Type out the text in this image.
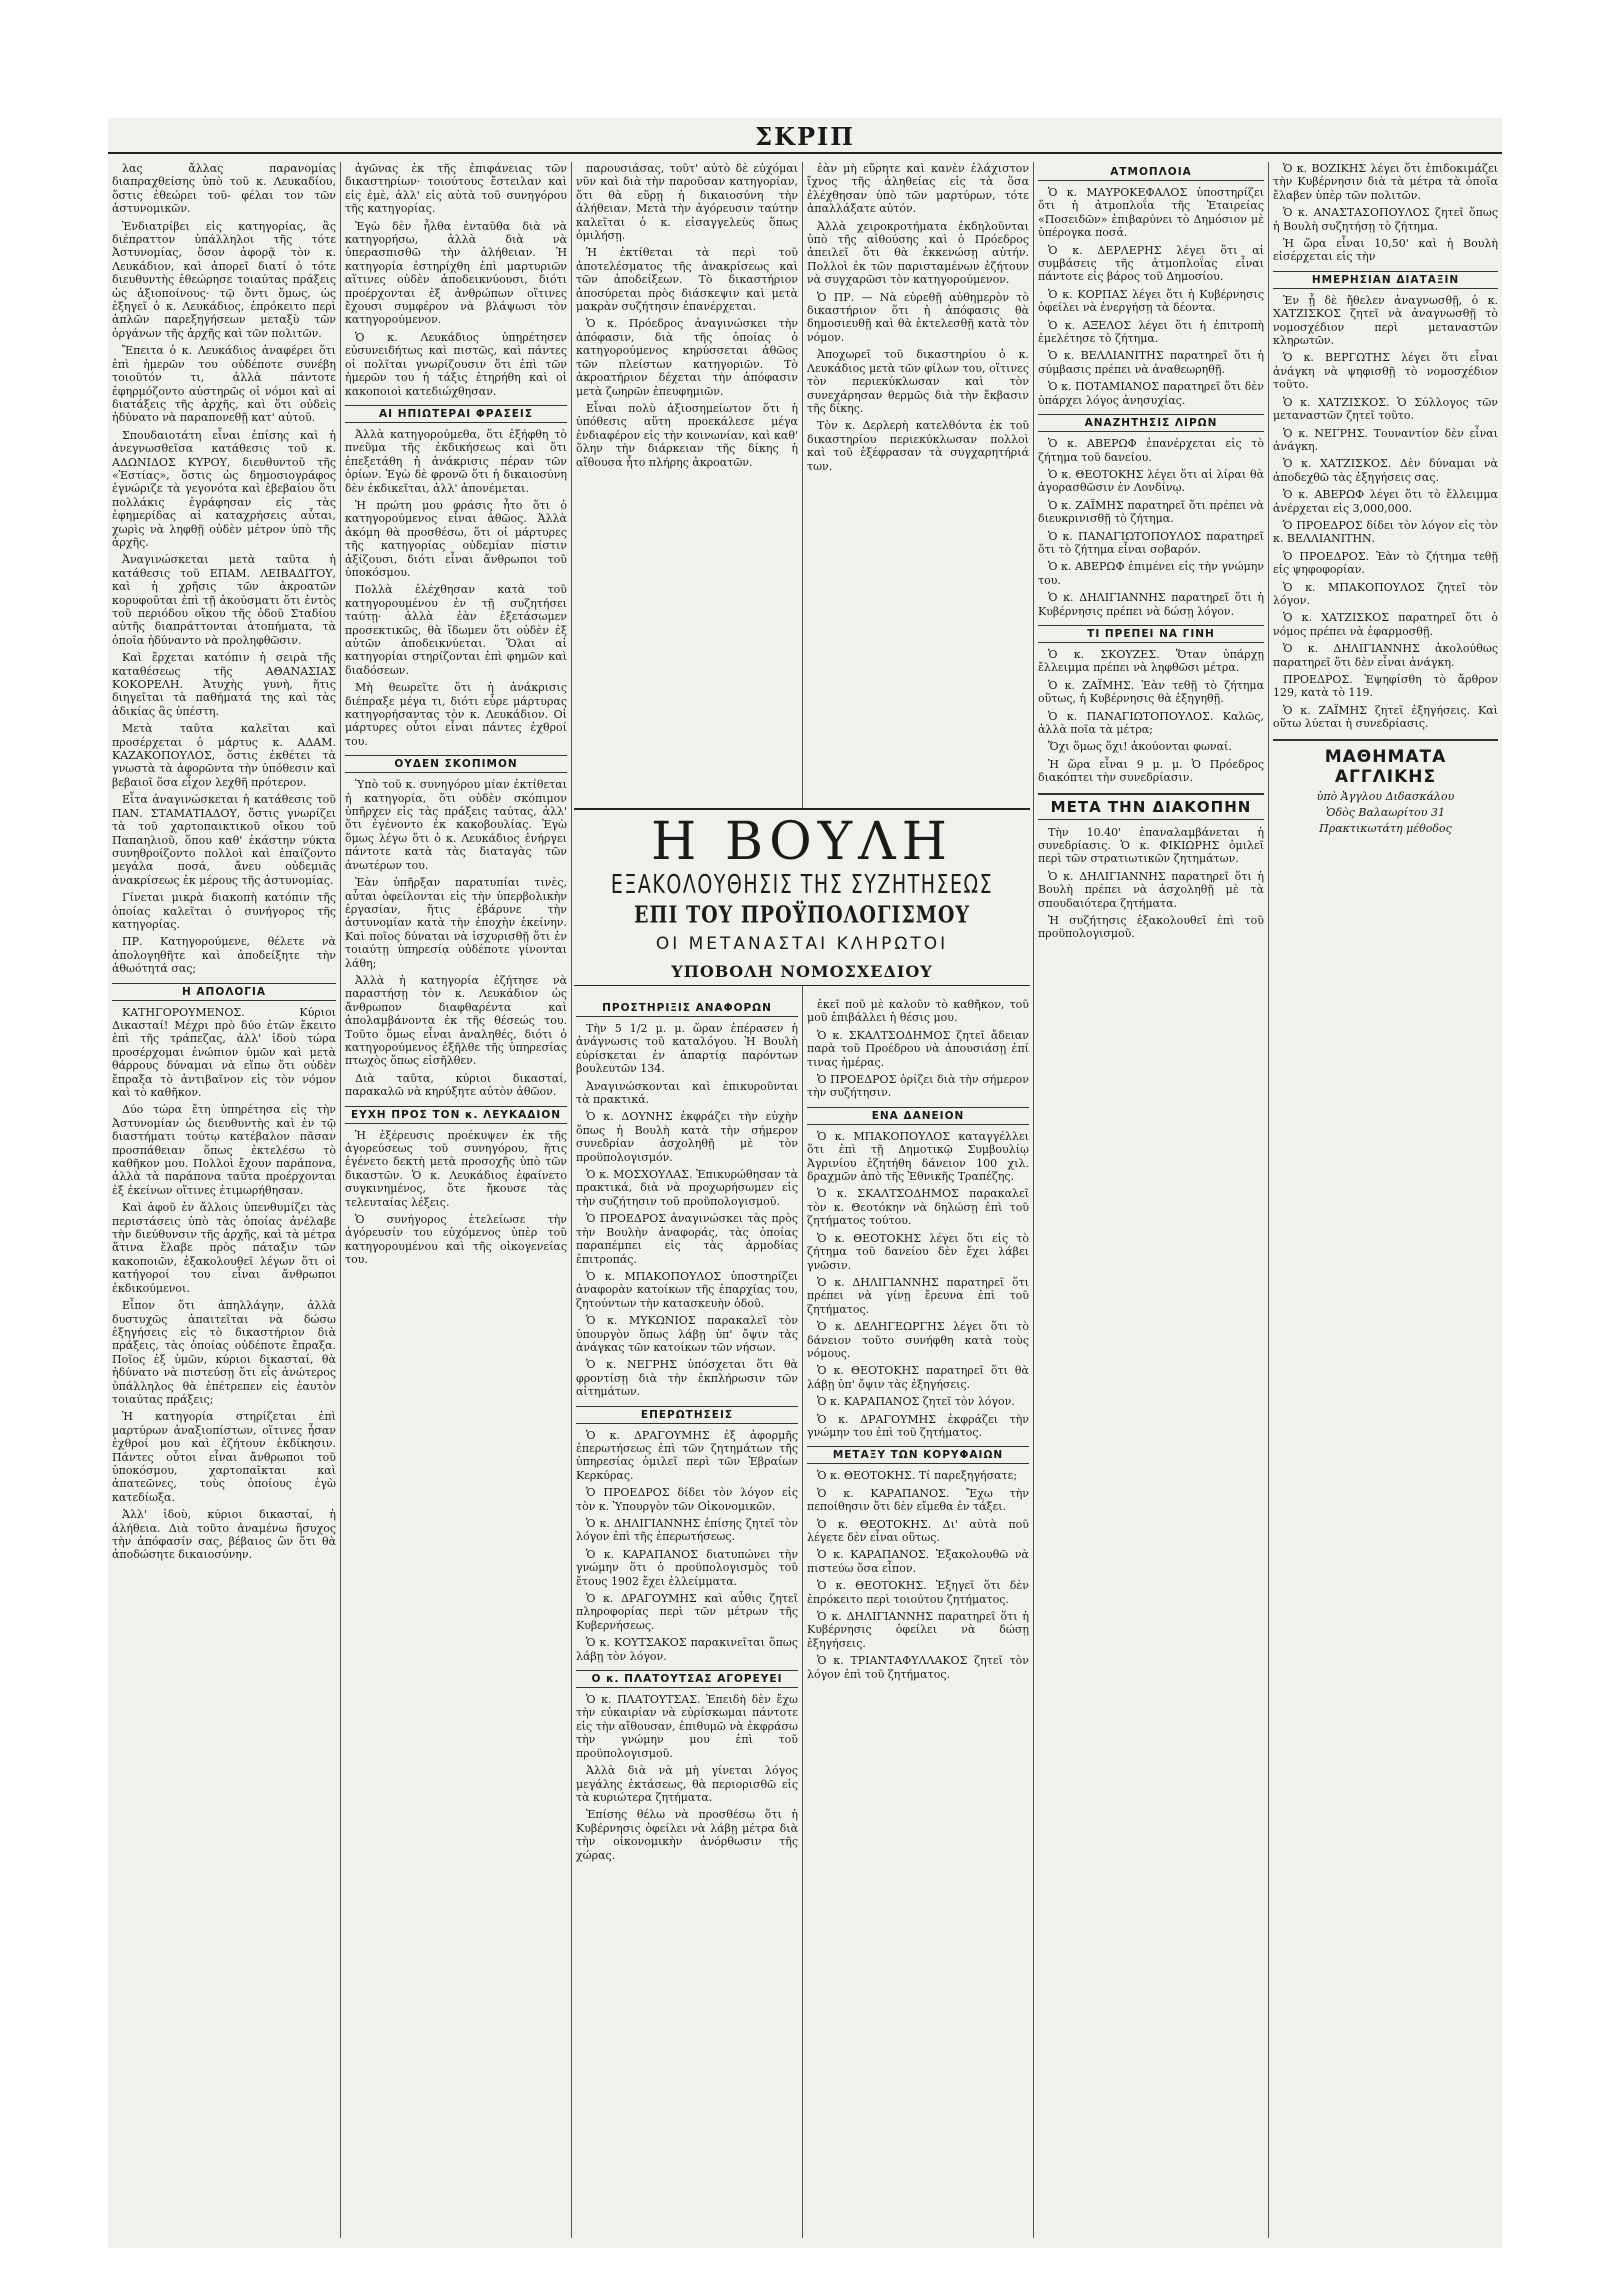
ΣΚΡΙΠ

λας ἄλλας παρανομίας διαπραχθείσης ὑπὸ τοῦ κ. Λευκαδίου, ὅστις ἐθεώρει τοῦ- φέλαι τον τῶν ἀστυνομικῶν.

Ἐνδιατρίβει εἰς κατηγορίας, ἃς διέπραττον ὑπάλληλοι τῆς τότε Ἀστυνομίας, ὅσον ἀφορᾷ τὸν κ. Λευκάδιον, καὶ ἀπορεῖ διατί ὁ τότε διευθυντὴς ἐθεώρησε τοιαύτας πράξεις ὡς ἀξιοποίνους· τῷ ὄντι ὅμως, ὡς ἐξηγεῖ ὁ κ. Λευκάδιος, ἐπρόκειτο περὶ ἁπλῶν παρεξηγήσεων μεταξὺ τῶν ὀργάνων τῆς ἀρχῆς καὶ τῶν πολιτῶν.

Ἔπειτα ὁ κ. Λευκάδιος ἀναφέρει ὅτι ἐπὶ ἡμερῶν του οὐδέποτε συνέβη τοιοῦτόν τι, ἀλλὰ πάντοτε ἐφηρμόζοντο αὐστηρῶς οἱ νόμοι καὶ αἱ διατάξεις τῆς ἀρχῆς, καὶ ὅτι οὐδεὶς ἠδύνατο νὰ παραπονεθῇ κατ' αὐτοῦ.

Σπουδαιοτάτη εἶναι ἐπίσης καὶ ἡ ἀνεγνωσθεῖσα κατάθεσις τοῦ κ. ΑΔΩΝΙΔΟΣ ΚΥΡΟΥ, διευθυντοῦ τῆς «Ἑστίας», ὅστις ὡς δημοσιογράφος ἐγνώριζε τὰ γεγονότα καὶ ἐβεβαίου ὅτι πολλάκις ἐγράφησαν εἰς τὰς ἐφημερίδας αἱ καταχρήσεις αὗται, χωρὶς νὰ ληφθῇ οὐδὲν μέτρον ὑπὸ τῆς ἀρχῆς.

Ἀναγινώσκεται μετὰ ταῦτα ἡ κατάθεσις τοῦ ΕΠΑΜ. ΛΕΙΒΑΔΙΤΟΥ, καὶ ἡ χρῆσις τῶν ἀκροατῶν κορυφοῦται ἐπὶ τῇ ἀκούσματι ὅτι ἐντὸς τοῦ περιόδου οἴκου τῆς ὁδοῦ Σταδίου αὐτῆς διαπράττονται ἀτοπήματα, τὰ ὁποῖα ἠδύναντο νὰ προληφθῶσιν.

Καὶ ἔρχεται κατόπιν ἡ σειρὰ τῆς καταθέσεως τῆς ΑΘΑΝΑΣΙΑΣ ΚΟΚΟΡΕΛΗ. Ἀτυχὴς γυνὴ, ἥτις διηγεῖται τὰ παθήματά της καὶ τὰς ἀδικίας ἃς ὑπέστη.

Μετὰ ταῦτα καλεῖται καὶ προσέρχεται ὁ μάρτυς κ. ΑΔΑΜ. ΚΑΖΑΚΟΠΟΥΛΟΣ, ὅστις ἐκθέτει τὰ γνωστὰ τὰ ἀφορῶντα τὴν ὑπόθεσιν καὶ βεβαιοῖ ὅσα εἶχον λεχθῆ πρότερον.

Εἶτα ἀναγινώσκεται ἡ κατάθεσις τοῦ ΠΑΝ. ΣΤΑΜΑΤΙΑΔΟΥ, ὅστις γνωρίζει τὰ τοῦ χαρτοπαικτικοῦ οἴκου τοῦ Παπαηλιοῦ, ὅπου καθ' ἑκάστην νύκτα συνηθροίζοντο πολλοὶ καὶ ἐπαίζοντο μεγάλα ποσά, ἄνευ οὐδεμιᾶς ἀνακρίσεως ἐκ μέρους τῆς ἀστυνομίας.

Γίνεται μικρὰ διακοπὴ κατόπιν τῆς ὁποίας καλεῖται ὁ συνήγορος τῆς κατηγορίας.

ΠΡ. Κατηγορούμενε, θέλετε νὰ ἀπολογηθῆτε καὶ ἀποδείξητε τὴν ἀθωότητά σας;

Η ΑΠΟΛΟΓΙΑ

ΚΑΤΗΓΟΡΟΥΜΕΝΟΣ. Κύριοι Δικασταί! Μέχρι πρὸ δύο ἐτῶν ἔκειτο ἐπὶ τῆς τράπεζας, ἀλλ' ἰδοὺ τώρα προσέρχομαι ἐνώπιον ὑμῶν καὶ μετὰ θάρρους δύναμαι νὰ εἴπω ὅτι οὐδὲν ἔπραξα τὸ ἀντιβαῖνον εἰς τὸν νόμον καὶ τὸ καθῆκον.

Δύο τώρα ἔτη ὑπηρέτησα εἰς τὴν Ἀστυνομίαν ὡς διευθυντὴς καὶ ἐν τῷ διαστήματι τούτῳ κατέβαλον πᾶσαν προσπάθειαν ὅπως ἐκτελέσω τὸ καθῆκον μου. Πολλοὶ ἔχουν παράπονα, ἀλλὰ τὰ παράπονα ταῦτα προέρχονται ἐξ ἐκείνων οἵτινες ἐτιμωρήθησαν.

Καὶ ἀφοῦ ἐν ἄλλοις ὑπενθυμίζει τὰς περιστάσεις ὑπὸ τὰς ὁποίας ἀνέλαβε τὴν διεύθυνσιν τῆς ἀρχῆς, καὶ τὰ μέτρα ἅτινα ἔλαβε πρὸς πάταξιν τῶν κακοποιῶν, ἐξακολουθεῖ λέγων ὅτι οἱ κατήγοροί του εἶναι ἄνθρωποι ἐκδικούμενοι.

Εἶπον ὅτι ἀπηλλάγην, ἀλλὰ δυστυχῶς ἀπαιτεῖται νὰ δώσω ἐξηγήσεις εἰς τὸ δικαστήριον διὰ πράξεις, τὰς ὁποίας οὐδέποτε ἔπραξα. Ποῖος ἐξ ὑμῶν, κύριοι δικασταί, θὰ ἠδύνατο νὰ πιστεύσῃ ὅτι εἷς ἀνώτερος ὑπάλληλος θὰ ἐπέτρεπεν εἰς ἑαυτὸν τοιαύτας πράξεις;

Ἡ κατηγορία στηρίζεται ἐπὶ μαρτύρων ἀναξιοπίστων, οἵτινες ἦσαν ἐχθροί μου καὶ ἐζήτουν ἐκδίκησιν. Πάντες οὗτοι εἶναι ἄνθρωποι τοῦ ὑποκόσμου, χαρτοπαῖκται καὶ ἀπατεῶνες, τοὺς ὁποίους ἐγὼ κατεδίωξα.

Ἀλλ' ἰδοὺ, κύριοι δικασταί, ἡ ἀλήθεια. Διὰ τοῦτο ἀναμένω ἥσυχος τὴν ἀπόφασίν σας, βέβαιος ὢν ὅτι θὰ ἀποδώσητε δικαιοσύνην.

ἀγῶνας ἐκ τῆς ἐπιφάνειας τῶν δικαστηρίων· τοιούτους ἔστειλαν καὶ εἰς ἐμὲ, ἀλλ' εἰς αὐτὰ τοῦ συνηγόρου τῆς κατηγορίας.

Ἐγὼ δὲν ἦλθα ἐνταῦθα διὰ νὰ κατηγορήσω, ἀλλὰ διὰ νὰ ὑπερασπισθῶ τὴν ἀλήθειαν. Ἡ κατηγορία ἐστηρίχθη ἐπὶ μαρτυριῶν αἵτινες οὐδὲν ἀποδεικνύουσι, διότι προέρχονται ἐξ ἀνθρώπων οἵτινες ἔχουσι συμφέρον νὰ βλάψωσι τὸν κατηγορούμενον.

Ὁ κ. Λευκάδιος ὑπηρέτησεν εὐσυνειδήτως καὶ πιστῶς, καὶ πάντες οἱ πολῖται γνωρίζουσιν ὅτι ἐπὶ τῶν ἡμερῶν του ἡ τάξις ἐτηρήθη καὶ οἱ κακοποιοὶ κατεδιώχθησαν.

ΑΙ ΗΠΙΩΤΕΡΑΙ ΦΡΑΣΕΙΣ

Ἀλλὰ κατηγορούμεθα, ὅτι ἐξήφθη τὸ πνεῦμα τῆς ἐκδικήσεως καὶ ὅτι ἐπεξετάθη ἡ ἀνάκρισις πέραν τῶν ὁρίων. Ἐγὼ δὲ φρονῶ ὅτι ἡ δικαιοσύνη δὲν ἐκδικεῖται, ἀλλ' ἀπονέμεται.

Ἡ πρώτη μου φράσις ἦτο ὅτι ὁ κατηγορούμενος εἶναι ἀθῶος. Ἀλλὰ ἀκόμη θὰ προσθέσω, ὅτι οἱ μάρτυρες τῆς κατηγορίας οὐδεμίαν πίστιν ἀξίζουσι, διότι εἶναι ἄνθρωποι τοῦ ὑποκόσμου.

Πολλὰ ἐλέχθησαν κατὰ τοῦ κατηγορουμένου ἐν τῇ συζητήσει ταύτῃ· ἀλλὰ ἐὰν ἐξετάσωμεν προσεκτικῶς, θὰ ἴδωμεν ὅτι οὐδὲν ἐξ αὐτῶν ἀποδεικνύεται. Ὅλαι αἱ κατηγορίαι στηρίζονται ἐπὶ φημῶν καὶ διαδόσεων.

Μὴ θεωρεῖτε ὅτι ἡ ἀνάκρισις διέπραξε μέγα τι, διότι εὗρε μάρτυρας κατηγορήσαντας τὸν κ. Λευκάδιον. Οἱ μάρτυρες οὗτοι εἶναι πάντες ἐχθροί του.

ΟΥΔΕΝ ΣΚΟΠΙΜΟΝ

Ὑπὸ τοῦ κ. συνηγόρου μίαν ἐκτίθεται ἡ κατηγορία, ὅτι οὐδὲν σκόπιμον ὑπῆρχεν εἰς τὰς πράξεις ταύτας, ἀλλ' ὅτι ἐγένοντο ἐκ κακοβουλίας. Ἐγὼ ὅμως λέγω ὅτι ὁ κ. Λευκάδιος ἐνήργει πάντοτε κατὰ τὰς διαταγὰς τῶν ἀνωτέρων του.

Ἐὰν ὑπῆρξαν παρατυπίαι τινὲς, αὗται ὀφείλονται εἰς τὴν ὑπερβολικὴν ἐργασίαν, ἥτις ἐβάρυνε τὴν ἀστυνομίαν κατὰ τὴν ἐποχὴν ἐκείνην. Καὶ ποῖος δύναται νὰ ἰσχυρισθῇ ὅτι ἐν τοιαύτῃ ὑπηρεσίᾳ οὐδέποτε γίνονται λάθη;

Ἀλλὰ ἡ κατηγορία ἐζήτησε νὰ παραστήσῃ τὸν κ. Λευκάδιον ὡς ἄνθρωπον διαφθαρέντα καὶ ἀπολαμβάνοντα ἐκ τῆς θέσεώς του. Τοῦτο ὅμως εἶναι ἀναληθές, διότι ὁ κατηγορούμενος ἐξῆλθε τῆς ὑπηρεσίας πτωχὸς ὅπως εἰσῆλθεν.

Διὰ ταῦτα, κύριοι δικασταί, παρακαλῶ νὰ κηρύξητε αὐτὸν ἀθῶον.

ΕΥΧΗ ΠΡΟΣ ΤΟΝ κ. ΛΕΥΚΑΔΙΟΝ

Ἡ ἐξέρευσις προέκυψεν ἐκ τῆς ἀγορεύσεως τοῦ συνηγόρου, ἥτις ἐγένετο δεκτὴ μετὰ προσοχῆς ὑπὸ τῶν δικαστῶν. Ὁ κ. Λευκάδιος ἐφαίνετο συγκινημένος, ὅτε ἤκουσε τὰς τελευταίας λέξεις.

Ὁ συνήγορος ἐτελείωσε τὴν ἀγόρευσίν του εὐχόμενος ὑπὲρ τοῦ κατηγορουμένου καὶ τῆς οἰκογενείας του.

παρουσιάσας, τοῦτ' αὐτὸ δὲ εὐχόμαι νῦν καὶ διὰ τὴν παροῦσαν κατηγορίαν, ὅτι θὰ εὕρῃ ἡ δικαιοσύνη τὴν ἀλήθειαν. Μετὰ τὴν ἀγόρευσιν ταύτην καλεῖται ὁ κ. εἰσαγγελεὺς ὅπως ὁμιλήσῃ.

Ἡ ἐκτίθεται τὰ περὶ τοῦ ἀποτελέσματος τῆς ἀνακρίσεως καὶ τῶν ἀποδείξεων. Τὸ δικαστήριον ἀποσύρεται πρὸς διάσκεψιν καὶ μετὰ μακρὰν συζήτησιν ἐπανέρχεται.

Ὁ κ. Πρόεδρος ἀναγινώσκει τὴν ἀπόφασιν, διὰ τῆς ὁποίας ὁ κατηγορούμενος κηρύσσεται ἀθῶος τῶν πλείστων κατηγοριῶν. Τὸ ἀκροατήριον δέχεται τὴν ἀπόφασιν μετὰ ζωηρῶν ἐπευφημιῶν.

Εἶναι πολὺ ἀξιοσημείωτον ὅτι ἡ ὑπόθεσις αὕτη προεκάλεσε μέγα ἐνδιαφέρον εἰς τὴν κοινωνίαν, καὶ καθ' ὅλην τὴν διάρκειαν τῆς δίκης ἡ αἴθουσα ἦτο πλήρης ἀκροατῶν.

ἐὰν μὴ εὕρητε καὶ κανὲν ἐλάχιστον ἴχνος τῆς ἀληθείας εἰς τὰ ὅσα ἐλέχθησαν ὑπὸ τῶν μαρτύρων, τότε ἀπαλλάξατε αὐτόν.

Ἀλλὰ χειροκροτήματα ἐκδηλοῦνται ὑπὸ τῆς αἰθούσης καὶ ὁ Πρόεδρος ἀπειλεῖ ὅτι θὰ ἐκκενώσῃ αὐτήν. Πολλοὶ ἐκ τῶν παρισταμένων ἐζήτουν νὰ συγχαρῶσι τὸν κατηγορούμενον.

Ὁ ΠΡ. — Νὰ εὑρεθῇ αὐθημερὸν τὸ δικαστήριον ὅτι ἡ ἀπόφασις θὰ δημοσιευθῇ καὶ θὰ ἐκτελεσθῇ κατὰ τὸν νόμον.

Ἀποχωρεῖ τοῦ δικαστηρίου ὁ κ. Λευκάδιος μετὰ τῶν φίλων του, οἵτινες τὸν περιεκύκλωσαν καὶ τὸν συνεχάρησαν θερμῶς διὰ τὴν ἔκβασιν τῆς δίκης.

Τὸν κ. Δερλερὴ κατελθόντα ἐκ τοῦ δικαστηρίου περιεκύκλωσαν πολλοὶ καὶ τοῦ ἐξέφρασαν τὰ συγχαρητήριά των.

Η ΒΟΥΛΗ
ΕΞΑΚΟΛΟΥΘΗΣΙΣ ΤΗΣ ΣΥΖΗΤΗΣΕΩΣ
ΕΠΙ ΤΟΥ ΠΡΟΫΠΟΛΟΓΙΣΜΟΥ
ΟΙ ΜΕΤΑΝΑΣΤΑΙ ΚΛΗΡΩΤΟΙ
ΥΠΟΒΟΛΗ ΝΟΜΟΣΧΕΔΙΟΥ
ΠΡΟΣΤΗΡΙΞΙΣ ΑΝΑΦΟΡΩΝ

Τὴν 5 1/2 μ. μ. ὥραν ἐπέρασεν ἡ ἀνάγνωσις τοῦ καταλόγου. Ἡ Βουλὴ εὑρίσκεται ἐν ἀπαρτίᾳ παρόντων βουλευτῶν 134.

Ἀναγινώσκονται καὶ ἐπικυροῦνται τὰ πρακτικά.

Ὁ κ. ΔΟΥΝΗΣ ἐκφράζει τὴν εὐχὴν ὅπως ἡ Βουλὴ κατὰ τὴν σήμερον συνεδρίαν ἀσχοληθῇ μὲ τὸν προϋπολογισμόν.

Ὁ κ. ΜΟΣΧΟΥΛΑΣ. Ἐπικυρώθησαν τὰ πρακτικά, διὰ νὰ προχωρήσωμεν εἰς τὴν συζήτησιν τοῦ προϋπολογισμοῦ.

Ὁ ΠΡΟΕΔΡΟΣ ἀναγινώσκει τὰς πρὸς τὴν Βουλὴν ἀναφοράς, τὰς ὁποίας παραπέμπει εἰς τὰς ἁρμοδίας ἐπιτροπάς.

Ὁ κ. ΜΠΑΚΟΠΟΥΛΟΣ ὑποστηρίζει ἀναφορὰν κατοίκων τῆς ἐπαρχίας του, ζητούντων τὴν κατασκευὴν ὁδοῦ.

Ὁ κ. ΜΥΚΩΝΙΟΣ παρακαλεῖ τὸν ὑπουργὸν ὅπως λάβῃ ὑπ' ὄψιν τὰς ἀνάγκας τῶν κατοίκων τῶν νήσων.

Ὁ κ. ΝΕΓΡΗΣ ὑπόσχεται ὅτι θὰ φροντίσῃ διὰ τὴν ἐκπλήρωσιν τῶν αἰτημάτων.

ΕΠΕΡΩΤΗΣΕΙΣ

Ὁ κ. ΔΡΑΓΟΥΜΗΣ ἐξ ἀφορμῆς ἐπερωτήσεως ἐπὶ τῶν ζητημάτων τῆς ὑπηρεσίας ὁμιλεῖ περὶ τῶν Ἑβραίων Κερκύρας.

Ὁ ΠΡΟΕΔΡΟΣ δίδει τὸν λόγον εἰς τὸν κ. Ὑπουργὸν τῶν Οἰκονομικῶν.

Ὁ κ. ΔΗΛΙΓΙΑΝΝΗΣ ἐπίσης ζητεῖ τὸν λόγον ἐπὶ τῆς ἐπερωτήσεως.

Ὁ κ. ΚΑΡΑΠΑΝΟΣ διατυπώνει τὴν γνώμην ὅτι ὁ προϋπολογισμὸς τοῦ ἔτους 1902 ἔχει ἐλλείμματα.

Ὁ κ. ΔΡΑΓΟΥΜΗΣ καὶ αὖθις ζητεῖ πληροφορίας περὶ τῶν μέτρων τῆς Κυβερνήσεως.

Ὁ κ. ΚΟΥΤΣΑΚΟΣ παρακινεῖται ὅπως λάβῃ τὸν λόγον.

Ο κ. ΠΛΑΤΟΥΤΣΑΣ ΑΓΟΡΕΥΕΙ

Ὁ κ. ΠΛΑΤΟΥΤΣΑΣ. Ἐπειδὴ δὲν ἔχω τὴν εὐκαιρίαν νὰ εὑρίσκωμαι πάντοτε εἰς τὴν αἴθουσαν, ἐπιθυμῶ νὰ ἐκφράσω τὴν γνώμην μου ἐπὶ τοῦ προϋπολογισμοῦ.

Ἀλλὰ διὰ νὰ μὴ γίνεται λόγος μεγάλης ἐκτάσεως, θὰ περιορισθῶ εἰς τὰ κυριώτερα ζητήματα.

Ἐπίσης θέλω νὰ προσθέσω ὅτι ἡ Κυβέρνησις ὀφείλει νὰ λάβῃ μέτρα διὰ τὴν οἰκονομικὴν ἀνόρθωσιν τῆς χώρας.

ἐκεῖ ποῦ μὲ καλοῦν τὸ καθῆκον, τοῦ μοῦ ἐπιβάλλει ἡ θέσις μου.

Ὁ κ. ΣΚΑΛΤΣΟΔΗΜΟΣ ζητεῖ ἄδειαν παρὰ τοῦ Προέδρου νὰ ἀπουσιάσῃ ἐπί τινας ἡμέρας.

Ὁ ΠΡΟΕΔΡΟΣ ὁρίζει διὰ τὴν σήμερον τὴν συζήτησιν.

ΕΝΑ ΔΑΝΕΙΟΝ

Ὁ κ. ΜΠΑΚΟΠΟΥΛΟΣ καταγγέλλει ὅτι ἐπὶ τῇ Δημοτικῷ Συμβουλίῳ Ἀγρινίου ἐζητήθη δάνειον 100 χιλ. δραχμῶν ἀπὸ τῆς Ἐθνικῆς Τραπέζης.

Ὁ κ. ΣΚΑΛΤΣΟΔΗΜΟΣ παρακαλεῖ τὸν κ. Θεοτόκην νὰ δηλώσῃ ἐπὶ τοῦ ζητήματος τούτου.

Ὁ κ. ΘΕΟΤΟΚΗΣ λέγει ὅτι εἰς τὸ ζήτημα τοῦ δανείου δὲν ἔχει λάβει γνῶσιν.

Ὁ κ. ΔΗΛΙΓΙΑΝΝΗΣ παρατηρεῖ ὅτι πρέπει νὰ γίνῃ ἔρευνα ἐπὶ τοῦ ζητήματος.

Ὁ κ. ΔΕΛΗΓΕΩΡΓΗΣ λέγει ὅτι τὸ δάνειον τοῦτο συνήφθη κατὰ τοὺς νόμους.

Ὁ κ. ΘΕΟΤΟΚΗΣ παρατηρεῖ ὅτι θὰ λάβῃ ὑπ' ὄψιν τὰς ἐξηγήσεις.

Ὁ κ. ΚΑΡΑΠΑΝΟΣ ζητεῖ τὸν λόγον.

Ὁ κ. ΔΡΑΓΟΥΜΗΣ ἐκφράζει τὴν γνώμην του ἐπὶ τοῦ ζητήματος.

ΜΕΤΑΞΥ ΤΩΝ ΚΟΡΥΦΑΙΩΝ

Ὁ κ. ΘΕΟΤΟΚΗΣ. Τί παρεξηγήσατε;

Ὁ κ. ΚΑΡΑΠΑΝΟΣ. Ἔχω τὴν πεποίθησιν ὅτι δὲν εἴμεθα ἐν τάξει.

Ὁ κ. ΘΕΟΤΟΚΗΣ. Δι' αὐτὰ ποῦ λέγετε δὲν εἶναι οὕτως.

Ὁ κ. ΚΑΡΑΠΑΝΟΣ. Ἐξακολουθῶ νὰ πιστεύω ὅσα εἶπον.

Ὁ κ. ΘΕΟΤΟΚΗΣ. Ἐξηγεῖ ὅτι δὲν ἐπρόκειτο περὶ τοιούτου ζητήματος.

Ὁ κ. ΔΗΛΙΓΙΑΝΝΗΣ παρατηρεῖ ὅτι ἡ Κυβέρνησις ὀφείλει νὰ δώσῃ ἐξηγήσεις.

Ὁ κ. ΤΡΙΑΝΤΑΦΥΛΛΑΚΟΣ ζητεῖ τὸν λόγον ἐπὶ τοῦ ζητήματος.

ΑΤΜΟΠΛΟΙΑ

Ὁ κ. ΜΑΥΡΟΚΕΦΑΛΟΣ ὑποστηρίζει ὅτι ἡ ἀτμοπλοΐα τῆς Ἑταιρείας «Ποσειδῶν» ἐπιβαρύνει τὸ Δημόσιον μὲ ὑπέρογκα ποσά.

Ὁ κ. ΔΕΡΛΕΡΗΣ λέγει ὅτι αἱ συμβάσεις τῆς ἀτμοπλοΐας εἶναι πάντοτε εἰς βάρος τοῦ Δημοσίου.

Ὁ κ. ΚΟΡΠΑΣ λέγει ὅτι ἡ Κυβέρνησις ὀφείλει νὰ ἐνεργήσῃ τὰ δέοντα.

Ὁ κ. ΑΞΕΛΟΣ λέγει ὅτι ἡ ἐπιτροπὴ ἐμελέτησε τὸ ζήτημα.

Ὁ κ. ΒΕΛΛΙΑΝΙΤΗΣ παρατηρεῖ ὅτι ἡ σύμβασις πρέπει νὰ ἀναθεωρηθῇ.

Ὁ κ. ΠΟΤΑΜΙΑΝΟΣ παρατηρεῖ ὅτι δὲν ὑπάρχει λόγος ἀνησυχίας.

ΑΝΑΖΗΤΗΣΙΣ ΛΙΡΩΝ

Ὁ κ. ΑΒΕΡΩΦ ἐπανέρχεται εἰς τὸ ζήτημα τοῦ δανείου.

Ὁ κ. ΘΕΟΤΟΚΗΣ λέγει ὅτι αἱ λίραι θὰ ἀγορασθῶσιν ἐν Λονδίνῳ.

Ὁ κ. ΖΑΪΜΗΣ παρατηρεῖ ὅτι πρέπει νὰ διευκρινισθῇ τὸ ζήτημα.

Ὁ κ. ΠΑΝΑΓΙΩΤΟΠΟΥΛΟΣ παρατηρεῖ ὅτι τὸ ζήτημα εἶναι σοβαρόν.

Ὁ κ. ΑΒΕΡΩΦ ἐπιμένει εἰς τὴν γνώμην του.

Ὁ κ. ΔΗΛΙΓΙΑΝΝΗΣ παρατηρεῖ ὅτι ἡ Κυβέρνησις πρέπει νὰ δώσῃ λόγον.

ΤΙ ΠΡΕΠΕΙ ΝΑ ΓΙΝΗ

Ὁ κ. ΣΚΟΥΖΕΣ. Ὅταν ὑπάρχῃ ἔλλειμμα πρέπει νὰ ληφθῶσι μέτρα.

Ὁ κ. ΖΑΪΜΗΣ. Ἐὰν τεθῇ τὸ ζήτημα οὕτως, ἡ Κυβέρνησις θὰ ἐξηγηθῇ.

Ὁ κ. ΠΑΝΑΓΙΩΤΟΠΟΥΛΟΣ. Καλῶς, ἀλλὰ ποῖα τὰ μέτρα;

Ὅχι ὅμως ὅχι! ἀκούονται φωναί.

Ἡ ὥρα εἶναι 9 μ. μ. Ὁ Πρόεδρος διακόπτει τὴν συνεδρίασιν.

ΜΕΤΑ ΤΗΝ ΔΙΑΚΟΠΗΝ

Τὴν 10.40' ἐπαναλαμβάνεται ἡ συνεδρίασις. Ὁ κ. ΦΙΚΙΩΡΗΣ ὁμιλεῖ περὶ τῶν στρατιωτικῶν ζητημάτων.

Ὁ κ. ΔΗΛΙΓΙΑΝΝΗΣ παρατηρεῖ ὅτι ἡ Βουλὴ πρέπει νὰ ἀσχοληθῇ μὲ τὰ σπουδαιότερα ζητήματα.

Ἡ συζήτησις ἐξακολουθεῖ ἐπὶ τοῦ προϋπολογισμοῦ.

Ὁ κ. ΒΟΖΙΚΗΣ λέγει ὅτι ἐπιδοκιμάζει τὴν Κυβέρνησιν διὰ τὰ μέτρα τὰ ὁποῖα ἔλαβεν ὑπὲρ τῶν πολιτῶν.

Ὁ κ. ΑΝΑΣΤΑΣΟΠΟΥΛΟΣ ζητεῖ ὅπως ἡ Βουλὴ συζητήσῃ τὸ ζήτημα.

Ἡ ὥρα εἶναι 10,50' καὶ ἡ Βουλὴ εἰσέρχεται εἰς τὴν

ΗΜΕΡΗΣΙΑΝ ΔΙΑΤΑΞΙΝ

Ἐν ᾗ δὲ ἤθελεν ἀναγνωσθῇ, ὁ κ. ΧΑΤΖΙΣΚΟΣ ζητεῖ νὰ ἀναγνωσθῇ τὸ νομοσχέδιον περὶ μεταναστῶν κληρωτῶν.

Ὁ κ. ΒΕΡΓΩΤΗΣ λέγει ὅτι εἶναι ἀνάγκη νὰ ψηφισθῇ τὸ νομοσχέδιον τοῦτο.

Ὁ κ. ΧΑΤΖΙΣΚΟΣ. Ὁ Σύλλογος τῶν μεταναστῶν ζητεῖ τοῦτο.

Ὁ κ. ΝΕΓΡΗΣ. Τουναντίον δὲν εἶναι ἀνάγκη.

Ὁ κ. ΧΑΤΖΙΣΚΟΣ. Δὲν δύναμαι νὰ ἀποδεχθῶ τὰς ἐξηγήσεις σας.

Ὁ κ. ΑΒΕΡΩΦ λέγει ὅτι τὸ ἔλλειμμα ἀνέρχεται εἰς 3,000,000.

Ὁ ΠΡΟΕΔΡΟΣ δίδει τὸν λόγον εἰς τὸν κ. ΒΕΛΛΙΑΝΙΤΗΝ.

Ὁ ΠΡΟΕΔΡΟΣ. Ἐὰν τὸ ζήτημα τεθῇ εἰς ψηφοφορίαν.

Ὁ κ. ΜΠΑΚΟΠΟΥΛΟΣ ζητεῖ τὸν λόγον.

Ὁ κ. ΧΑΤΖΙΣΚΟΣ παρατηρεῖ ὅτι ὁ νόμος πρέπει νὰ ἐφαρμοσθῇ.

Ὁ κ. ΔΗΛΙΓΙΑΝΝΗΣ ἀκολούθως παρατηρεῖ ὅτι δὲν εἶναι ἀνάγκη.

ΠΡΟΕΔΡΟΣ. Ἐψηφίσθη τὸ ἄρθρον 129, κατὰ τὸ 119.

Ὁ κ. ΖΑΪΜΗΣ ζητεῖ ἐξηγήσεις. Καὶ οὕτω λύεται ἡ συνεδρίασις.

ΜΑΘΗΜΑΤΑ ΑΓΓΛΙΚΗΣ
ὑπὸ Ἀγγλου Διδασκάλου
Ὁδὸς Βαλαωρίτου 31
Πρακτικωτάτη μέθοδος
